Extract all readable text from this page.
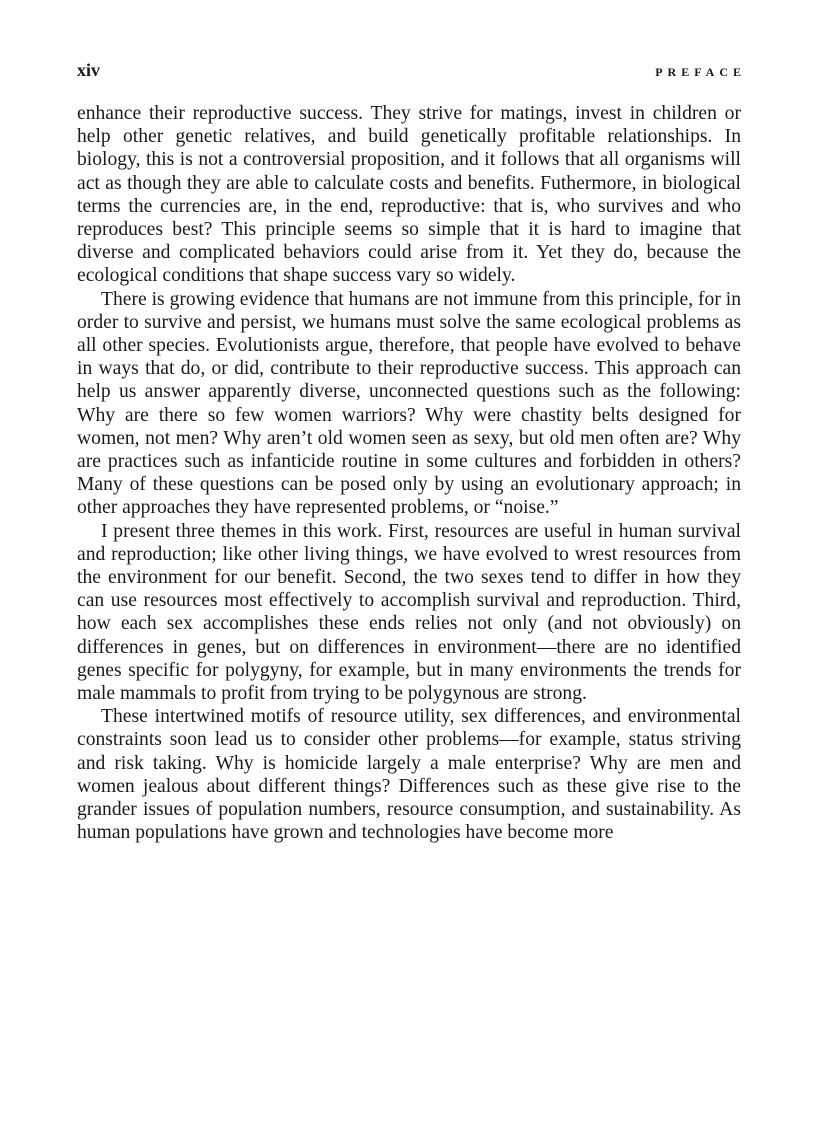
xiv	PREFACE

enhance their reproductive success. They strive for matings, invest in children or help other genetic relatives, and build genetically profitable relationships. In biology, this is not a controversial proposition, and it follows that all organisms will act as though they are able to calculate costs and benefits. Futhermore, in biological terms the currencies are, in the end, reproductive: that is, who survives and who reproduces best? This principle seems so simple that it is hard to imagine that diverse and complicated behaviors could arise from it. Yet they do, because the ecological conditions that shape success vary so widely.

There is growing evidence that humans are not immune from this principle, for in order to survive and persist, we humans must solve the same ecological problems as all other species. Evolutionists argue, therefore, that people have evolved to behave in ways that do, or did, contribute to their reproductive success. This approach can help us answer apparently diverse, unconnected questions such as the following: Why are there so few women warriors? Why were chastity belts designed for women, not men? Why aren’t old women seen as sexy, but old men often are? Why are practices such as infanticide routine in some cultures and forbidden in others? Many of these questions can be posed only by using an evolutionary approach; in other approaches they have represented problems, or “noise.”

I present three themes in this work. First, resources are useful in human survival and reproduction; like other living things, we have evolved to wrest resources from the environment for our benefit. Second, the two sexes tend to differ in how they can use resources most effectively to accomplish survival and reproduction. Third, how each sex accomplishes these ends relies not only (and not obviously) on differences in genes, but on differences in environment—there are no identified genes specific for polygyny, for example, but in many environments the trends for male mammals to profit from trying to be polygynous are strong.

These intertwined motifs of resource utility, sex differences, and environmental constraints soon lead us to consider other problems—for example, status striving and risk taking. Why is homicide largely a male enterprise? Why are men and women jealous about different things? Differences such as these give rise to the grander issues of population numbers, resource consumption, and sustainability. As human populations have grown and technologies have become more
